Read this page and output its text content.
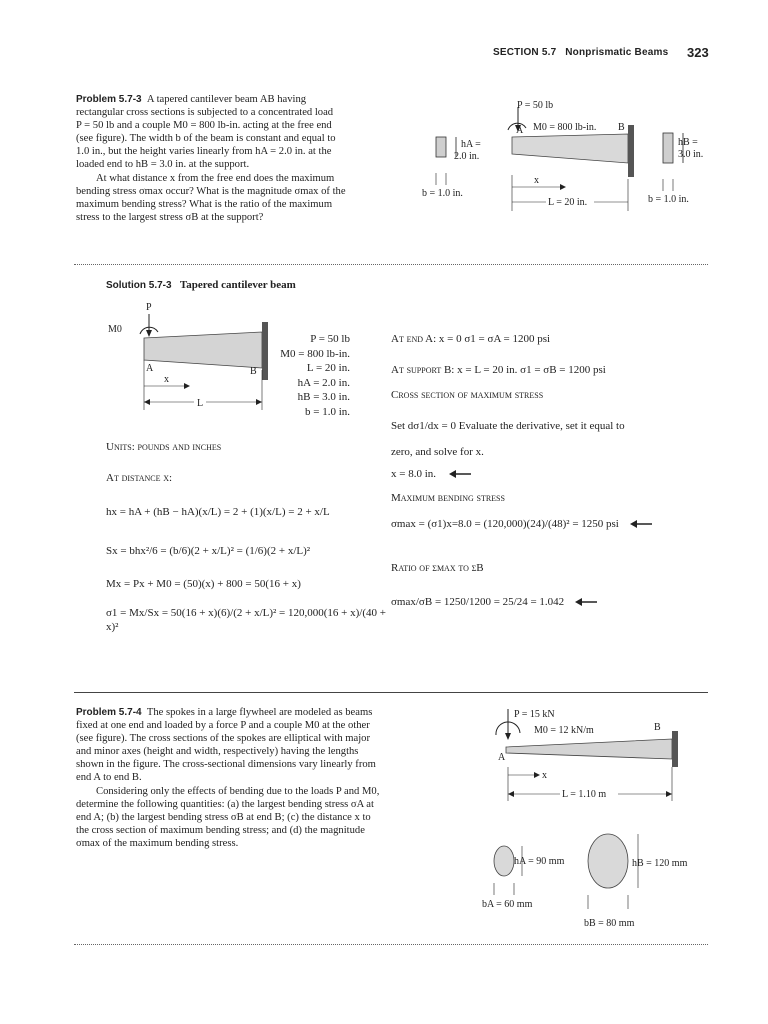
SECTION 5.7 Nonprismatic Beams 323
Problem 5.7-3 A tapered cantilever beam AB having
rectangular cross sections is subjected to a concentrated load
P = 50 lb and a couple M0 = 800 lb-in. acting at the free end
(see figure). The width b of the beam is constant and equal to
1.0 in., but the height varies linearly from hA = 2.0 in. at the
loaded end to hB = 3.0 in. at the support.
At what distance x from the free end does the maximum
bending stress σmax occur? What is the magnitude σmax of the
maximum bending stress? What is the ratio of the maximum
stress to the largest stress σB at the support?
P = 50 lb
A M0 = 800 lb-in. B
hA =
2.0 in.
b = 1.0 in.
hB =
3.0 in.
b = 1.0 in.
x
L = 20 in.
Solution 5.7-3 Tapered cantilever beam
P
M0
A	B
x
L
P = 50 lb
M0 = 800 lb-in.
L = 20 in.
hA = 2.0 in.
hB = 3.0 in.
b = 1.0 in.
Units: pounds and inches
At distance x:
hx = hA + (hB − hA)(x/L) = 2 + (1)(x/L) = 2 + x/L
Sx = bhx²/6 = (b/6)(2 + x/L)² = (1/6)(2 + x/L)²
Mx = Px + M0 = (50)(x) + 800 = 50(16 + x)
σ1 = Mx/Sx = 50(16 + x)(6)/(2 + x/L)² = 120,000(16 + x)/(40 + x)²
At end A: x = 0 σ1 = σA = 1200 psi
At support B: x = L = 20 in. σ1 = σB = 1200 psi
Cross section of maximum stress
Set dσ1/dx = 0 Evaluate the derivative, set it equal to
zero, and solve for x.
x = 8.0 in.
Maximum bending stress
σmax = (σ1)x=8.0 = (120,000)(24)/(48)² = 1250 psi
Ratio of σmax to σB
σmax/σB = 1250/1200 = 25/24 = 1.042
Problem 5.7-4 The spokes in a large flywheel are modeled as beams
fixed at one end and loaded by a force P and a couple M0 at the other
(see figure). The cross sections of the spokes are elliptical with major
and minor axes (height and width, respectively) having the lengths
shown in the figure. The cross-sectional dimensions vary linearly from
end A to end B.
Considering only the effects of bending due to the loads P and M0,
determine the following quantities: (a) the largest bending stress σA at
end A; (b) the largest bending stress σB at end B; (c) the distance x to
the cross section of maximum bending stress; and (d) the magnitude
σmax of the maximum bending stress.
P = 15 kN
M0 = 12 kN/m	B
A
x
L = 1.10 m
hA = 90 mm
bA = 60 mm
hB = 120 mm
bB = 80 mm
